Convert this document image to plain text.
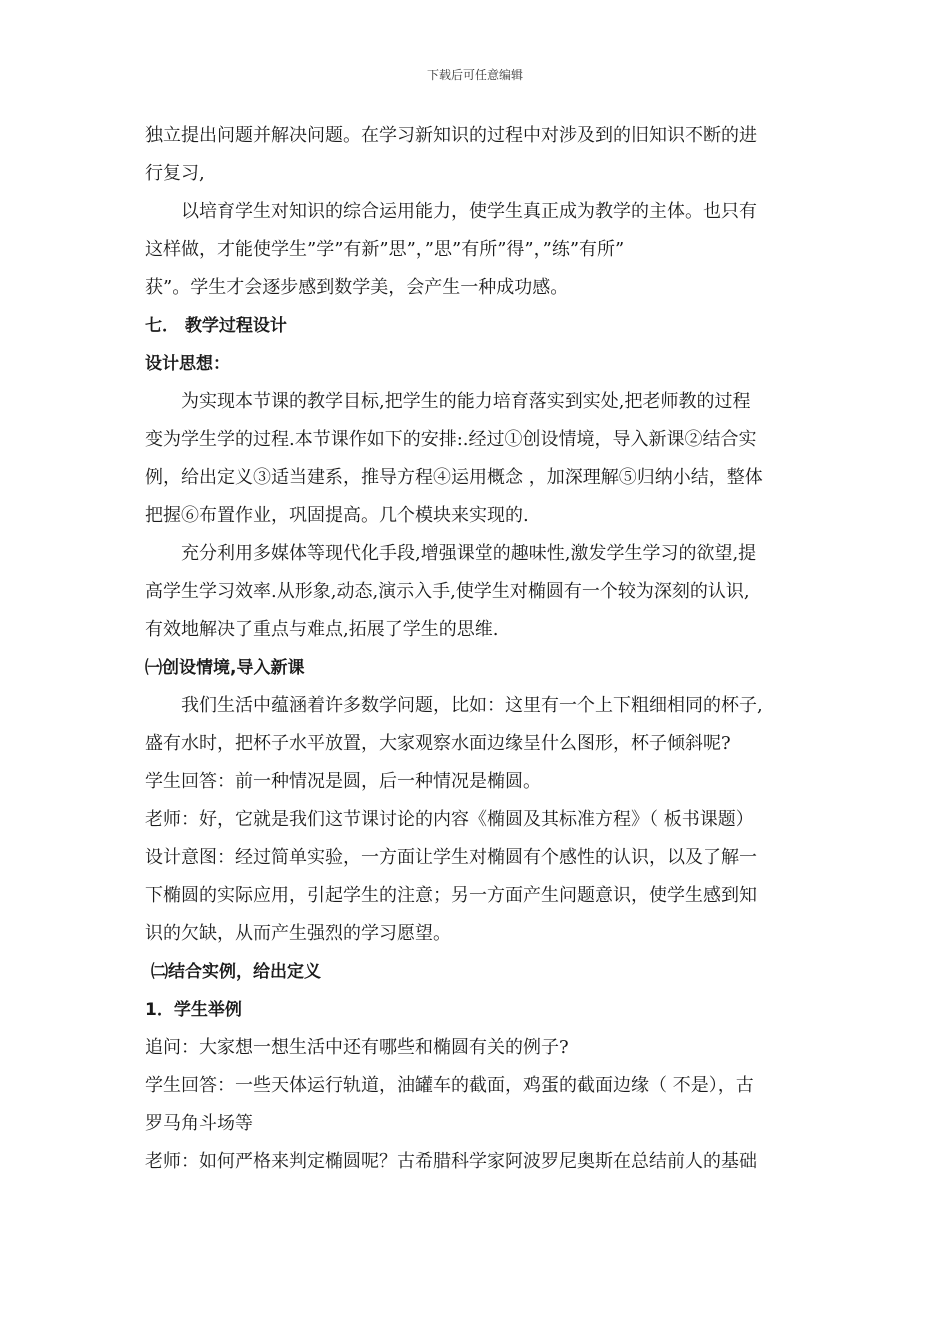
下载后可任意编辑
独立提出问题并解决问题。在学习新知识的过程中对涉及到的旧知识不断的进
行复习,
以培育学生对知识的综合运用能力，使学生真正成为教学的主体。也只有
这样做，才能使学生”学”有新”思”，”思”有所”得”，”练”有所”
获”。学生才会逐步感到数学美，会产生一种成功感。
七． 教学过程设计
设计思想：
为实现本节课的教学目标,把学生的能力培育落实到实处,把老师教的过程
变为学生学的过程.本节课作如下的安排:.经过①创设情境，导入新课②结合实
例，给出定义③适当建系，推导方程④运用概念 ，加深理解⑤归纳小结，整体
把握⑥布置作业，巩固提高。几个模块来实现的.
充分利用多媒体等现代化手段,增强课堂的趣味性,激发学生学习的欲望,提
高学生学习效率.从形象,动态,演示入手,使学生对椭圆有一个较为深刻的认识,
有效地解决了重点与难点,拓展了学生的思维.
㈠创设情境,导入新课
我们生活中蕴涵着许多数学问题，比如：这里有一个上下粗细相同的杯子,
盛有水时，把杯子水平放置，大家观察水面边缘呈什么图形，杯子倾斜呢?
学生回答：前一种情况是圆，后一种情况是椭圆。
老师：好，它就是我们这节课讨论的内容《椭圆及其标准方程》（ 板书课题）
设计意图：经过简单实验，一方面让学生对椭圆有个感性的认识，以及了解一
下椭圆的实际应用，引起学生的注意；另一方面产生问题意识，使学生感到知
识的欠缺，从而产生强烈的学习愿望。
㈡结合实例，给出定义
1．学生举例
追问：大家想一想生活中还有哪些和椭圆有关的例子?
学生回答：一些天体运行轨道，油罐车的截面，鸡蛋的截面边缘（ 不是），古
罗马角斗场等
老师：如何严格来判定椭圆呢？古希腊科学家阿波罗尼奥斯在总结前人的基础
